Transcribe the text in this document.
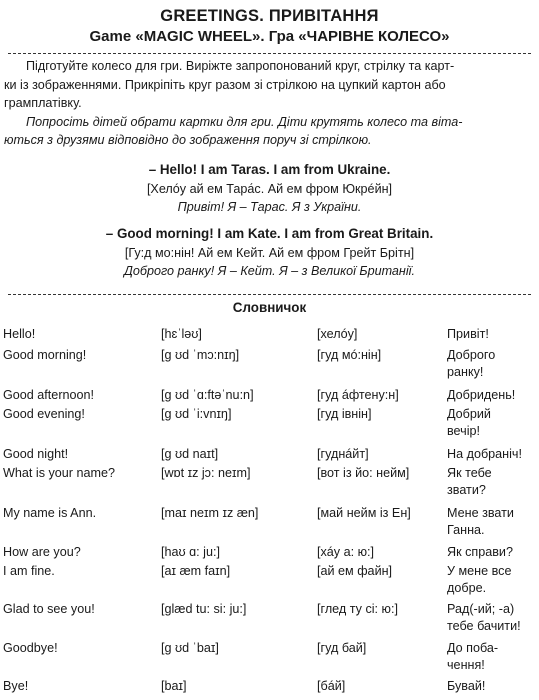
GREETINGS. ПРИВІТАННЯ
Game «MAGIC WHEEL». Гра «ЧАРІВНЕ КОЛЕСО»
Підготуйте колесо для гри. Виріжте запропонований круг, стрілку та карт-
ки із зображеннями. Прикріпіть круг разом зі стрілкою на цупкий картон або
грамплатівку.
Попросіть дітей обрати картки для гри. Діти крутять колесо та віта-
ються з друзями відповідно до зображення поруч зі стрілкою.
– Hello! I am Taras. I am from Ukraine.
[Хелóу ай ем Тара́с. Ай ем фром Юкрéйн]
Привіт! Я – Тарас. Я з України.
– Good morning! I am Kate. I am from Great Britain.
[Гу:д мо:нін! Ай ем Кейт. Ай ем фром Грейт Брітн]
Доброго ранку! Я – Кейт. Я – з Великої Британії.
Словничок
Hello!	[hɛˈləʊ]	[хелóу]	Привіт!
Good morning!	[g ʊd ˈmɔ:nɪŋ]	[гуд мó:нін]	Доброго
ранку!
Good afternoon!	[g ʊd ˈɑ:ftəˈnu:n]	[гуд áфтену:н]	Добридень!
Good evening!	[g ʊd ˈi:vnɪŋ]	[гуд івнін]	Добрий
вечір!
Good night!	[g ʊd naɪt]	[гуднáйт]	На добраніч!
What is your name?	[wɒt ɪz jɔ: neɪm]	[вот із йо: нейм]	Як тебе
звати?
My name is Ann.	[maɪ neɪm ɪz æn]	[май нейм із Ен]	Мене звати
Ганна.
How are you?	[haʊ ɑ: ju:]	[хáу а: ю:]	Як справи?
I am fine.	[aɪ æm faɪn]	[ай ем файн]	У мене все
добре.
Glad to see you!	[glæd tu: si: ju:]	[глед ту сі: ю:]	Рад(-ий; -а)
тебе бачити!
Goodbye!	[g ʊd ˈbaɪ]	[гуд бай]	До поба-
чення!
Bye!	[baɪ]	[бáй]	Бувай!
